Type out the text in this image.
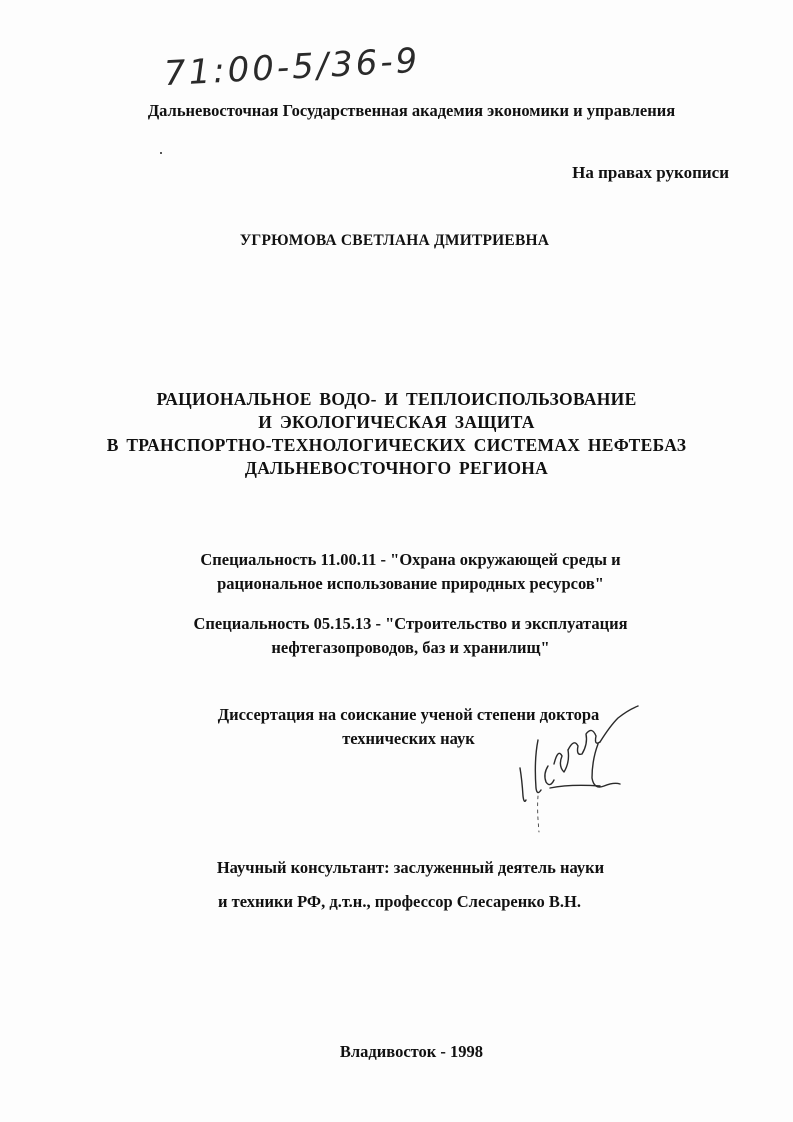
71:00-5/36-9
Дальневосточная Государственная академия экономики и управления
На правах рукописи
УГРЮМОВА СВЕТЛАНА ДМИТРИЕВНА
РАЦИОНАЛЬНОЕ ВОДО- И ТЕПЛОИСПОЛЬЗОВАНИЕ
И ЭКОЛОГИЧЕСКАЯ ЗАЩИТА
В ТРАНСПОРТНО-ТЕХНОЛОГИЧЕСКИХ СИСТЕМАХ НЕФТЕБАЗ
ДАЛЬНЕВОСТОЧНОГО РЕГИОНА
Специальность 11.00.11 - "Охрана окружающей среды и
рациональное использование природных ресурсов"
Специальность 05.15.13 - "Строительство и эксплуатация
нефтегазопроводов, баз и хранилищ"
Диссертация на соискание ученой степени доктора
технических наук
Научный консультант: заслуженный деятель науки
и техники РФ, д.т.н., профессор Слесаренко В.Н.
Владивосток - 1998
